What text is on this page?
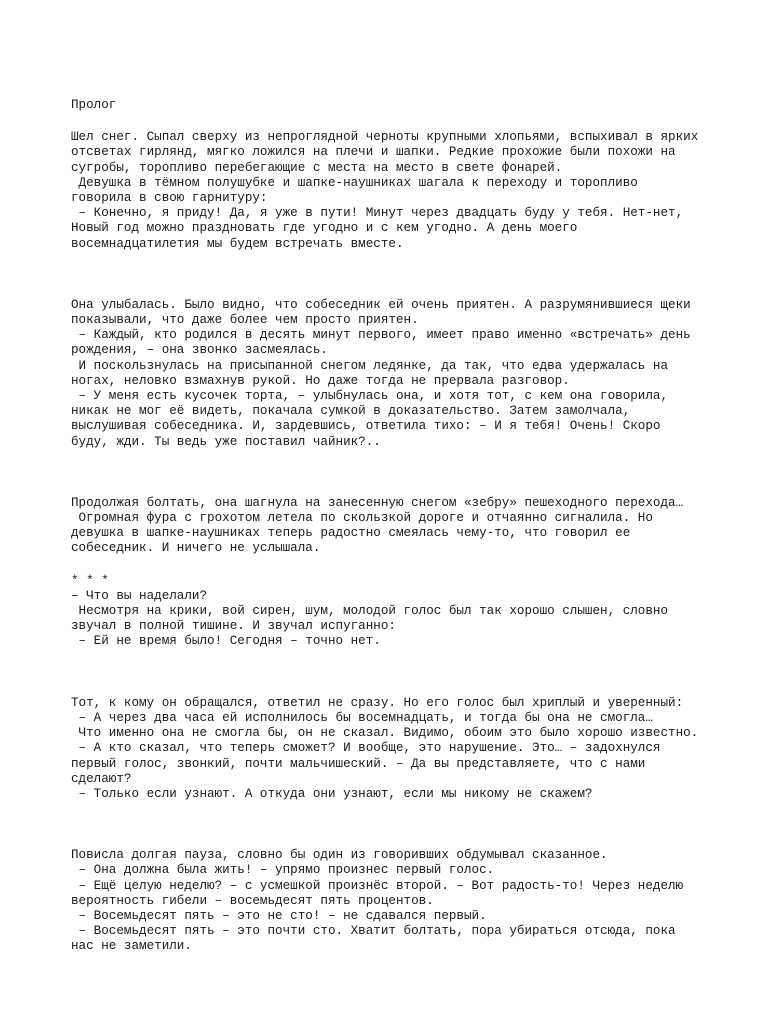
Пролог
Шел снег. Сыпал сверху из непроглядной черноты крупными хлопьями, вспыхивал в ярких
отсветах гирлянд, мягко ложился на плечи и шапки. Редкие прохожие были похожи на
сугробы, торопливо перебегающие с места на место в свете фонарей.
Девушка в тёмном полушубке и шапке-наушниках шагала к переходу и торопливо
говорила в свою гарнитуру:
– Конечно, я приду! Да, я уже в пути! Минут через двадцать буду у тебя. Нет-нет,
Новый год можно праздновать где угодно и с кем угодно. А день моего
восемнадцатилетия мы будем встречать вместе.
Она улыбалась. Было видно, что собеседник ей очень приятен. А разрумянившиеся щеки
показывали, что даже более чем просто приятен.
– Каждый, кто родился в десять минут первого, имеет право именно «встречать» день
рождения, – она звонко засмеялась.
И поскользнулась на присыпанной снегом ледянке, да так, что едва удержалась на
ногах, неловко взмахнув рукой. Но даже тогда не прервала разговор.
– У меня есть кусочек торта, – улыбнулась она, и хотя тот, с кем она говорила,
никак не мог её видеть, покачала сумкой в доказательство. Затем замолчала,
выслушивая собеседника. И, зардевшись, ответила тихо: – И я тебя! Очень! Скоро
буду, жди. Ты ведь уже поставил чайник?..
Продолжая болтать, она шагнула на занесенную снегом «зебру» пешеходного перехода…
Огромная фура с грохотом летела по скользкой дороге и отчаянно сигналила. Но
девушка в шапке-наушниках теперь радостно смеялась чему-то, что говорил ее
собеседник. И ничего не услышала.
* * *
– Что вы наделали?
Несмотря на крики, вой сирен, шум, молодой голос был так хорошо слышен, словно
звучал в полной тишине. И звучал испуганно:
– Ей не время было! Сегодня – точно нет.
Тот, к кому он обращался, ответил не сразу. Но его голос был хриплый и уверенный:
– А через два часа ей исполнилось бы восемнадцать, и тогда бы она не смогла…
Что именно она не смогла бы, он не сказал. Видимо, обоим это было хорошо известно.
– А кто сказал, что теперь сможет? И вообще, это нарушение. Это… – задохнулся
первый голос, звонкий, почти мальчишеский. – Да вы представляете, что с нами
сделают?
– Только если узнают. А откуда они узнают, если мы никому не скажем?
Повисла долгая пауза, словно бы один из говоривших обдумывал сказанное.
– Она должна была жить! – упрямо произнес первый голос.
– Ещё целую неделю? – с усмешкой произнёс второй. – Вот радость-то! Через неделю
вероятность гибели – восемьдесят пять процентов.
– Восемьдесят пять – это не сто! – не сдавался первый.
– Восемьдесят пять – это почти сто. Хватит болтать, пора убираться отсюда, пока
нас не заметили.
